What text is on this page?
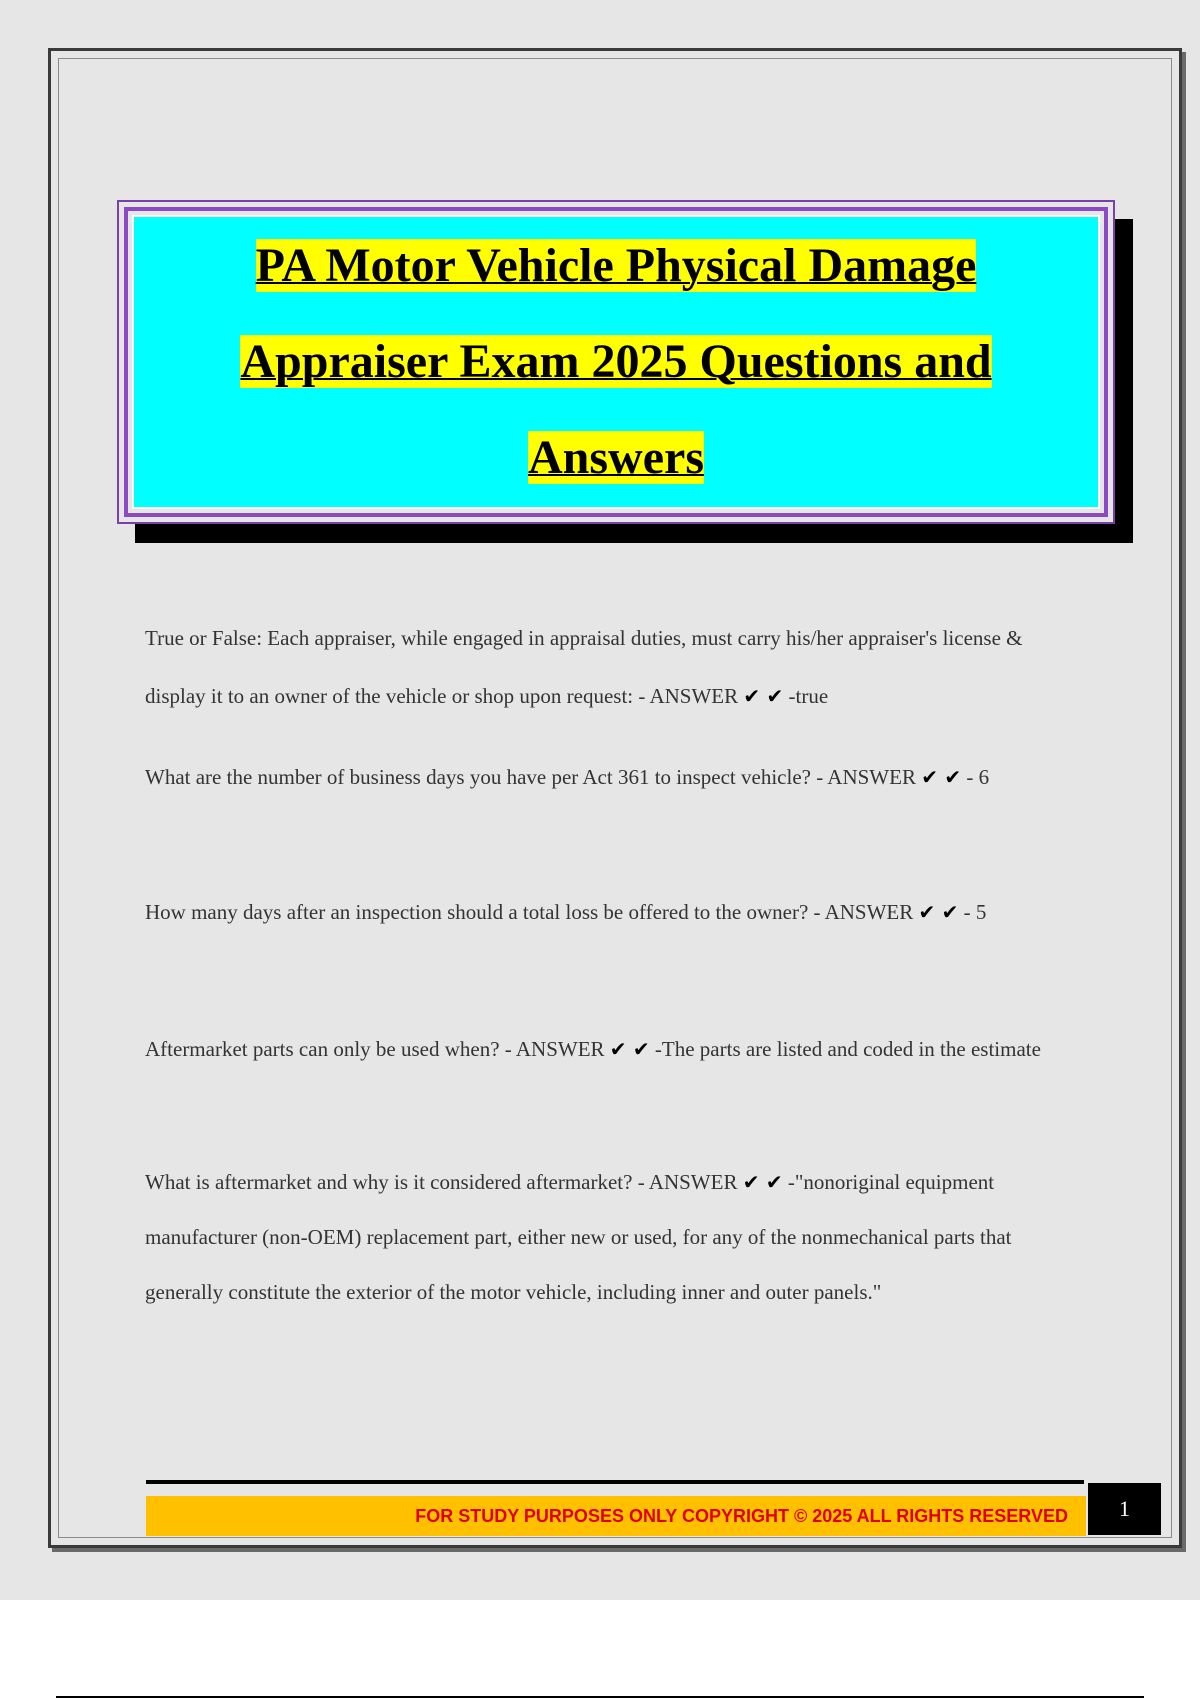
PA Motor Vehicle Physical Damage
Appraiser Exam 2025 Questions and
Answers

True or False: Each appraiser, while engaged in appraisal duties, must carry his/her appraiser's license & display it to an owner of the vehicle or shop upon request: - ANSWER ✔ ✔ -true

What are the number of business days you have per Act 361 to inspect vehicle? - ANSWER ✔ ✔ - 6

How many days after an inspection should a total loss be offered to the owner? - ANSWER ✔ ✔ - 5

Aftermarket parts can only be used when? - ANSWER ✔ ✔ -The parts are listed and coded in the estimate

What is aftermarket and why is it considered aftermarket? - ANSWER ✔ ✔ -"nonoriginal equipment manufacturer (non-OEM) replacement part, either new or used, for any of the nonmechanical parts that generally constitute the exterior of the motor vehicle, including inner and outer panels."

FOR STUDY PURPOSES ONLY COPYRIGHT © 2025 ALL RIGHTS RESERVED	1
